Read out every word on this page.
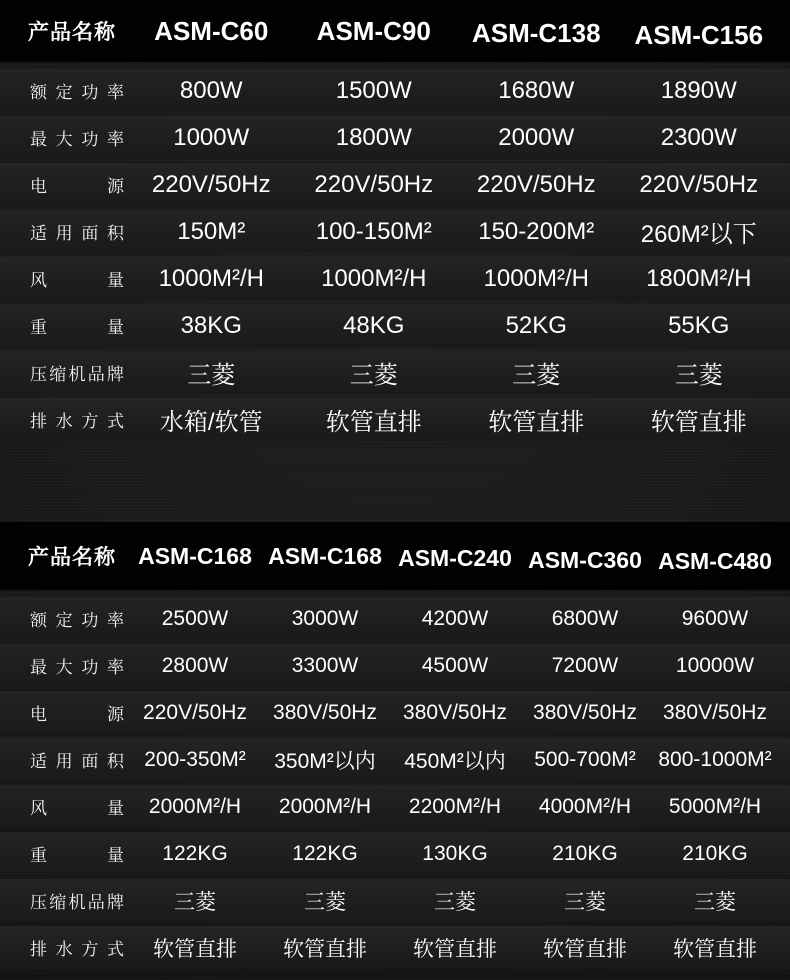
产品名称	ASM-C60	ASM-C90	ASM-C138	ASM-C156
额 定 功 率	800W	1500W	1680W	1890W
最 大 功 率	1000W	1800W	2000W	2300W
电	源	220V/50Hz	220V/50Hz	220V/50Hz	220V/50Hz
适 用 面 积	150M²	100-150M²	150-200M²	260M²以下
风	量	1000M²/H	1000M²/H	1000M²/H	1800M²/H
重	量	38KG	48KG	52KG	55KG
压 缩 机 品 牌	三菱	三菱	三菱	三菱
排 水 方 式	水箱/软管	软管直排	软管直排	软管直排
产品名称 ASM-C168 ASM-C168 ASM-C240 ASM-C360 ASM-C480
额 定 功 率	2500W	3000W	4200W	6800W	9600W
最 大 功 率	2800W	3300W	4500W	7200W	10000W
电	源 220V/50Hz	380V/50Hz	380V/50Hz	380V/50Hz	380V/50Hz
适 用 面 积 200-350M²	350M²以内	450M²以内	500-700M²	800-1000M²
风	量	2000M²/H	2000M²/H	2200M²/H	4000M²/H	5000M²/H
重	量	122KG	122KG	130KG	210KG	210KG
压 缩 机 品 牌	三菱	三菱	三菱	三菱	三菱
排 水 方 式	软管直排	软管直排	软管直排	软管直排	软管直排
